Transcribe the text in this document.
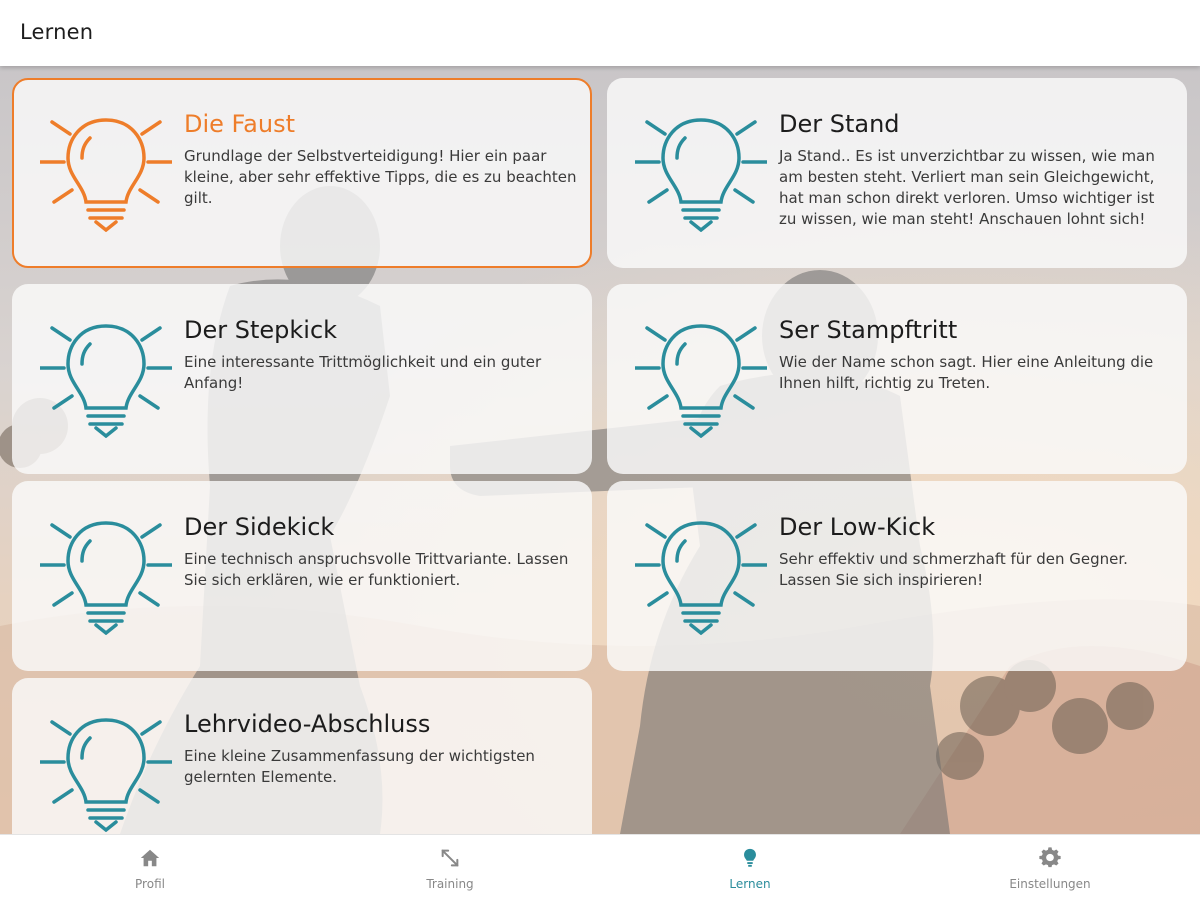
Lernen
Die Faust
Grundlage der Selbstverteidigung! Hier ein paar kleine, aber sehr effektive Tipps, die es zu beachten gilt.
Der Stand
Ja Stand.. Es ist unverzichtbar zu wissen, wie man am besten steht. Verliert man sein Gleichgewicht, hat man schon direkt verloren. Umso wichtiger ist zu wissen, wie man steht! Anschauen lohnt sich!
Der Stepkick
Eine interessante Trittmöglichkeit und ein guter Anfang!
Ser Stampftritt
Wie der Name schon sagt. Hier eine Anleitung die Ihnen hilft, richtig zu Treten.
Der Sidekick
Eine technisch anspruchsvolle Trittvariante. Lassen Sie sich erklären, wie er funktioniert.
Der Low-Kick
Sehr effektiv und schmerzhaft für den Gegner. Lassen Sie sich inspirieren!
Lehrvideo-Abschluss
Eine kleine Zusammenfassung der wichtigsten gelernten Elemente.
Profil	Training	Lernen	Einstellungen
